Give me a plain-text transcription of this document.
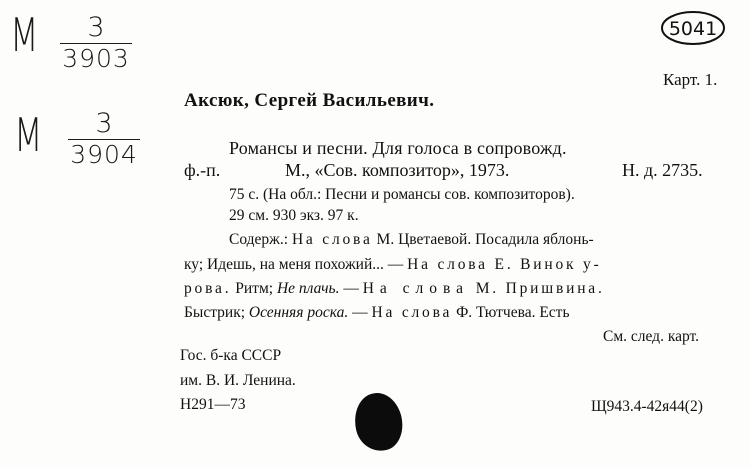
M	3
3903
M	3
3904
5041
Карт. 1.
Аксюк, Сергей Васильевич.
Романсы и песни. Для голоса в сопровожд.
ф.-п.	М., «Сов. композитор», 1973.	Н. д. 2735.
75 с. (На обл.: Песни и романсы сов. композиторов).
29 см. 930 экз. 97 к.
Содерж.: На слова М. Цветаевой. Посадила яблонь-
ку; Идешь, на меня похожий... — На слова Е. Винок у-
рова. Ритм; Не плачь. — На слова М. Пришвина.
Быстрик; Осенняя роска. — На слова Ф. Тютчева. Есть
См. след. карт.
Гос. б-ка СССР
им. В. И. Ленина.
Н291—73	Щ943.4-42я44(2)
